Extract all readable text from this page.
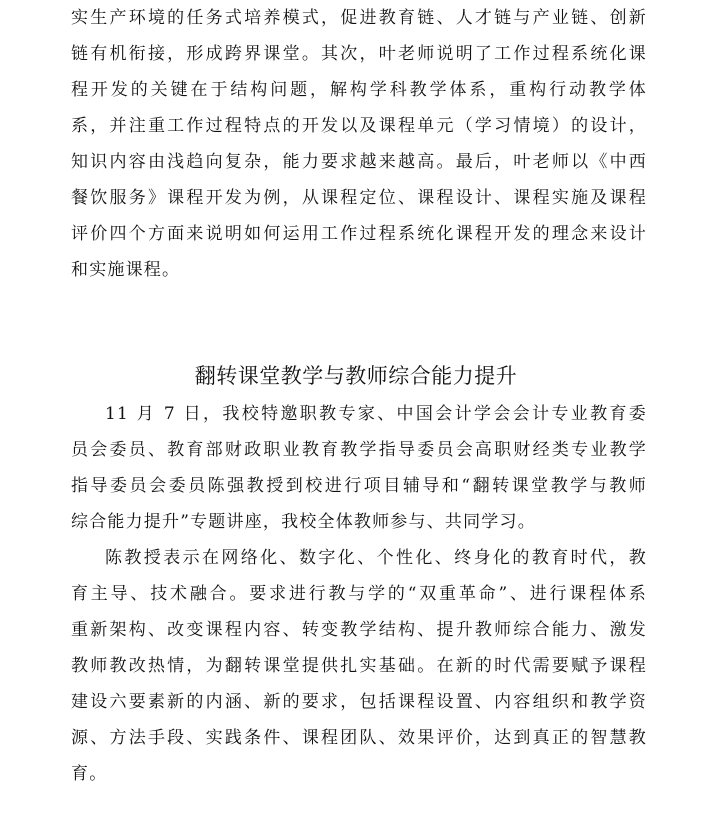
实生产环境的任务式培养模式，促进教育链、人才链与产业链、创新
链有机衔接，形成跨界课堂。其次，叶老师说明了工作过程系统化课
程开发的关键在于结构问题，解构学科教学体系，重构行动教学体
系，并注重工作过程特点的开发以及课程单元（学习情境）的设计，
知识内容由浅趋向复杂，能力要求越来越高。最后，叶老师以《中西
餐饮服务》课程开发为例，从课程定位、课程设计、课程实施及课程
评价四个方面来说明如何运用工作过程系统化课程开发的理念来设计
和实施课程。
翻转课堂教学与教师综合能力提升
11 月 7 日，我校特邀职教专家、中国会计学会会计专业教育委
员会委员、教育部财政职业教育教学指导委员会高职财经类专业教学
指导委员会委员陈强教授到校进行项目辅导和“翻转课堂教学与教师
综合能力提升”专题讲座，我校全体教师参与、共同学习。
陈教授表示在网络化、数字化、个性化、终身化的教育时代，教
育主导、技术融合。要求进行教与学的“双重革命”、进行课程体系
重新架构、改变课程内容、转变教学结构、提升教师综合能力、激发
教师教改热情，为翻转课堂提供扎实基础。在新的时代需要赋予课程
建设六要素新的内涵、新的要求，包括课程设置、内容组织和教学资
源、方法手段、实践条件、课程团队、效果评价，达到真正的智慧教
育。
